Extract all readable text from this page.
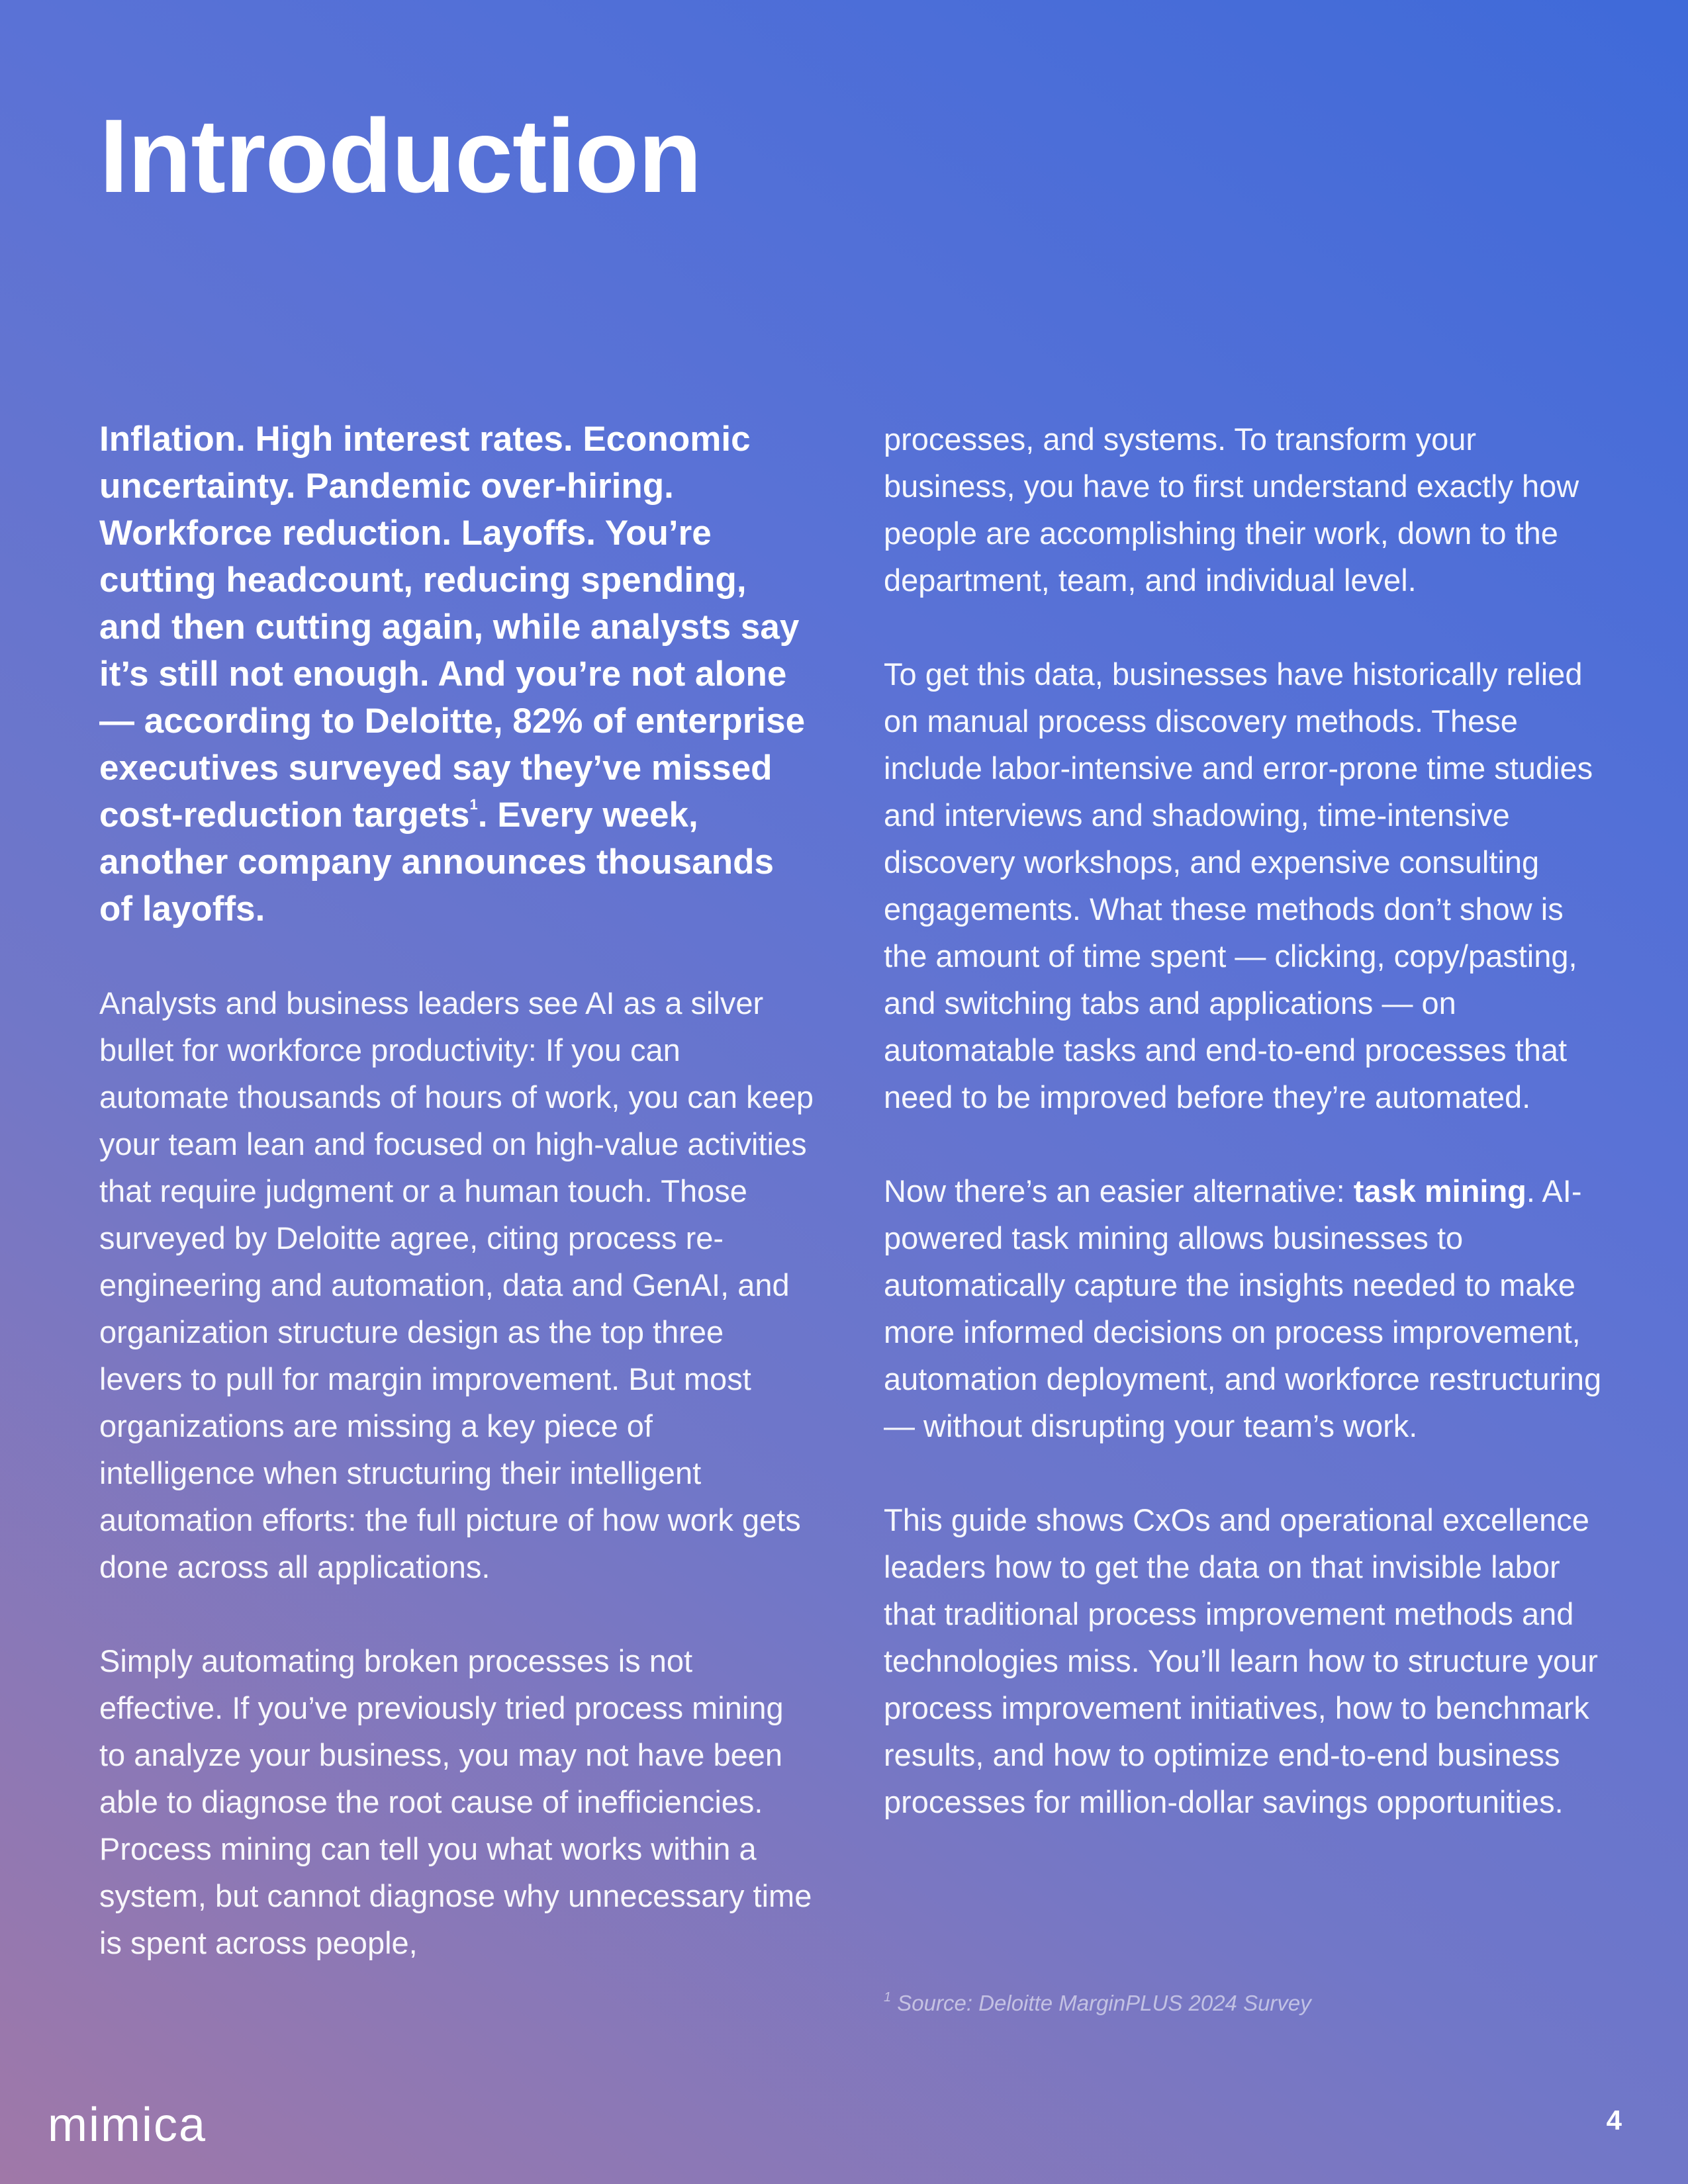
Introduction

Inflation. High interest rates. Economic uncertainty. Pandemic over-hiring. Workforce reduction. Layoffs. You’re cutting headcount, reducing spending, and then cutting again, while analysts say it’s still not enough. And you’re not alone — according to Deloitte, 82% of enterprise executives surveyed say they’ve missed cost-reduction targets$^1$. Every week, another company announces thousands of layoffs.

Analysts and business leaders see AI as a silver bullet for workforce productivity: If you can automate thousands of hours of work, you can keep your team lean and focused on high-value activities that require judgment or a human touch. Those surveyed by Deloitte agree, citing process re-engineering and automation, data and GenAI, and organization structure design as the top three levers to pull for margin improvement. But most organizations are missing a key piece of intelligence when structuring their intelligent automation efforts: the full picture of how work gets done across all applications.

Simply automating broken processes is not effective. If you’ve previously tried process mining to analyze your business, you may not have been able to diagnose the root cause of inefficiencies. Process mining can tell you what works within a system, but cannot diagnose why unnecessary time is spent across people,

processes, and systems. To transform your business, you have to first understand exactly how people are accomplishing their work, down to the department, team, and individual level.

To get this data, businesses have historically relied on manual process discovery methods. These include labor-intensive and error-prone time studies and interviews and shadowing, time-intensive discovery workshops, and expensive consulting engagements. What these methods don’t show is the amount of time spent — clicking, copy/pasting, and switching tabs and applications — on automatable tasks and end-to-end processes that need to be improved before they’re automated.

Now there’s an easier alternative: task mining. AI-powered task mining allows businesses to automatically capture the insights needed to make more informed decisions on process improvement, automation deployment, and workforce restructuring — without disrupting your team’s work.

This guide shows CxOs and operational excellence leaders how to get the data on that invisible labor that traditional process improvement methods and technologies miss. You’ll learn how to structure your process improvement initiatives, how to benchmark results, and how to optimize end-to-end business processes for million-dollar savings opportunities.

$^1$ Source: Deloitte MarginPLUS 2024 Survey
mimica	4
